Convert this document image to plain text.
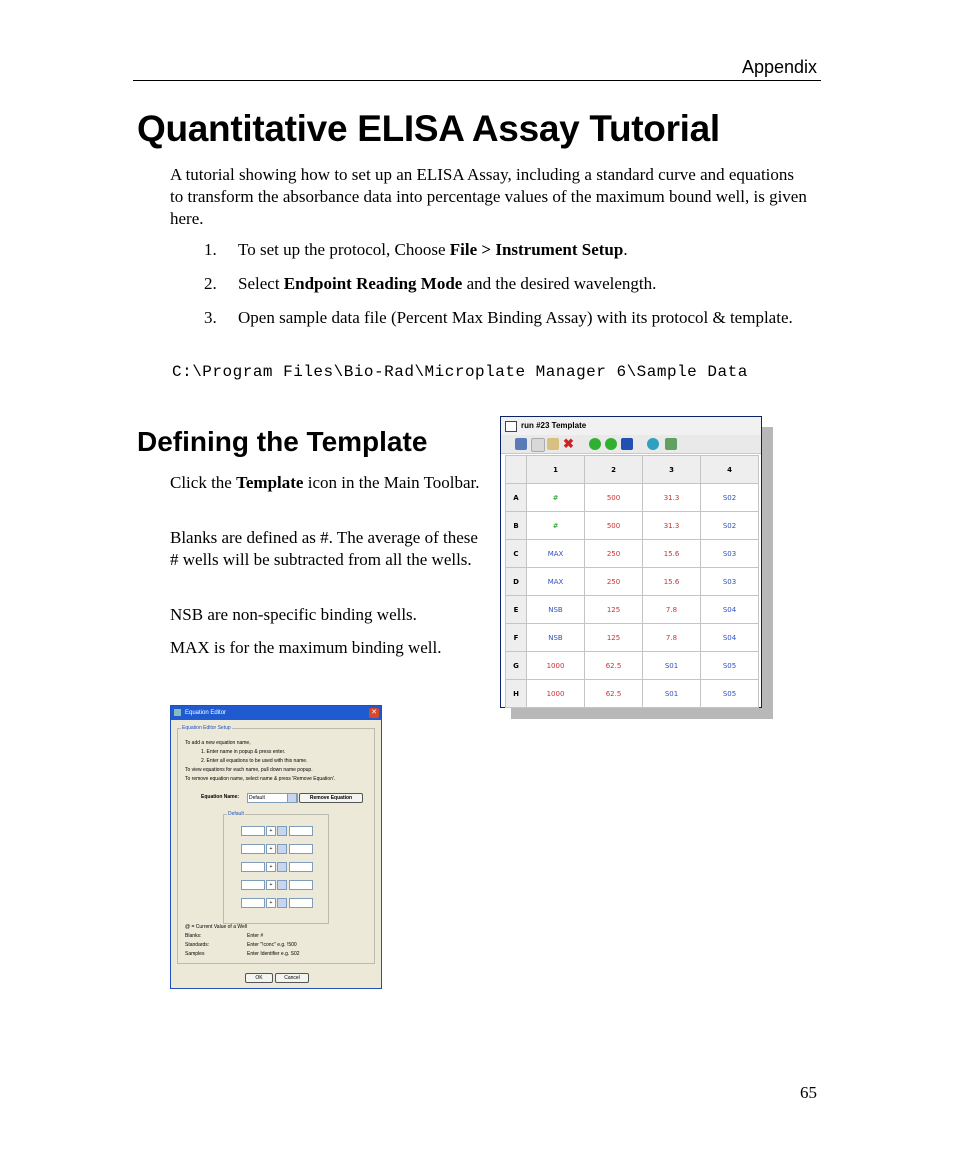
Appendix
Quantitative ELISA Assay Tutorial

A tutorial showing how to set up an ELISA Assay, including a standard curve and equations to transform the absorbance data into percentage values of the maximum bound well, is given here.

1. To set up the protocol, Choose File > Instrument Setup.
2. Select Endpoint Reading Mode and the desired wavelength.
3. Open sample data file (Percent Max Binding Assay) with its protocol & template.
C:\Program Files\Bio-Rad\Microplate Manager 6\Sample Data
Defining the Template

Click the Template icon in the Main Toolbar.

Blanks are defined as #. The average of these # wells will be subtracted from all the wells.

NSB are non-specific binding wells.

MAX is for the maximum binding well.

run #23 Template
✖
	1	2	3	4
A	#	500	31.3	S02
B	#	500	31.3	S02
C	MAX	250	15.6	S03
D	MAX	250	15.6	S03
E	NSB	125	7.8	S04
F	NSB	125	7.8	S04
G	1000	62.5	S01	S05
H	1000	62.5	S01	S05
Equation Editor	✕
Equation Editor Setup
To add a new equation name,
1. Enter name in popup & press enter.
2. Enter all equations to be used with this name.
To view equations for each name, pull down name popup.
To remove equation name, select name & press 'Remove Equation'.
Equation Name:	Default	Remove Equation
Default
+
+
+
+
+
@ = Current Value of a Well
Blanks:	Enter #
Standards:	Enter "!conc" e.g. !500
Samples	Enter Identifier e.g. S02
OK	Cancel
65
